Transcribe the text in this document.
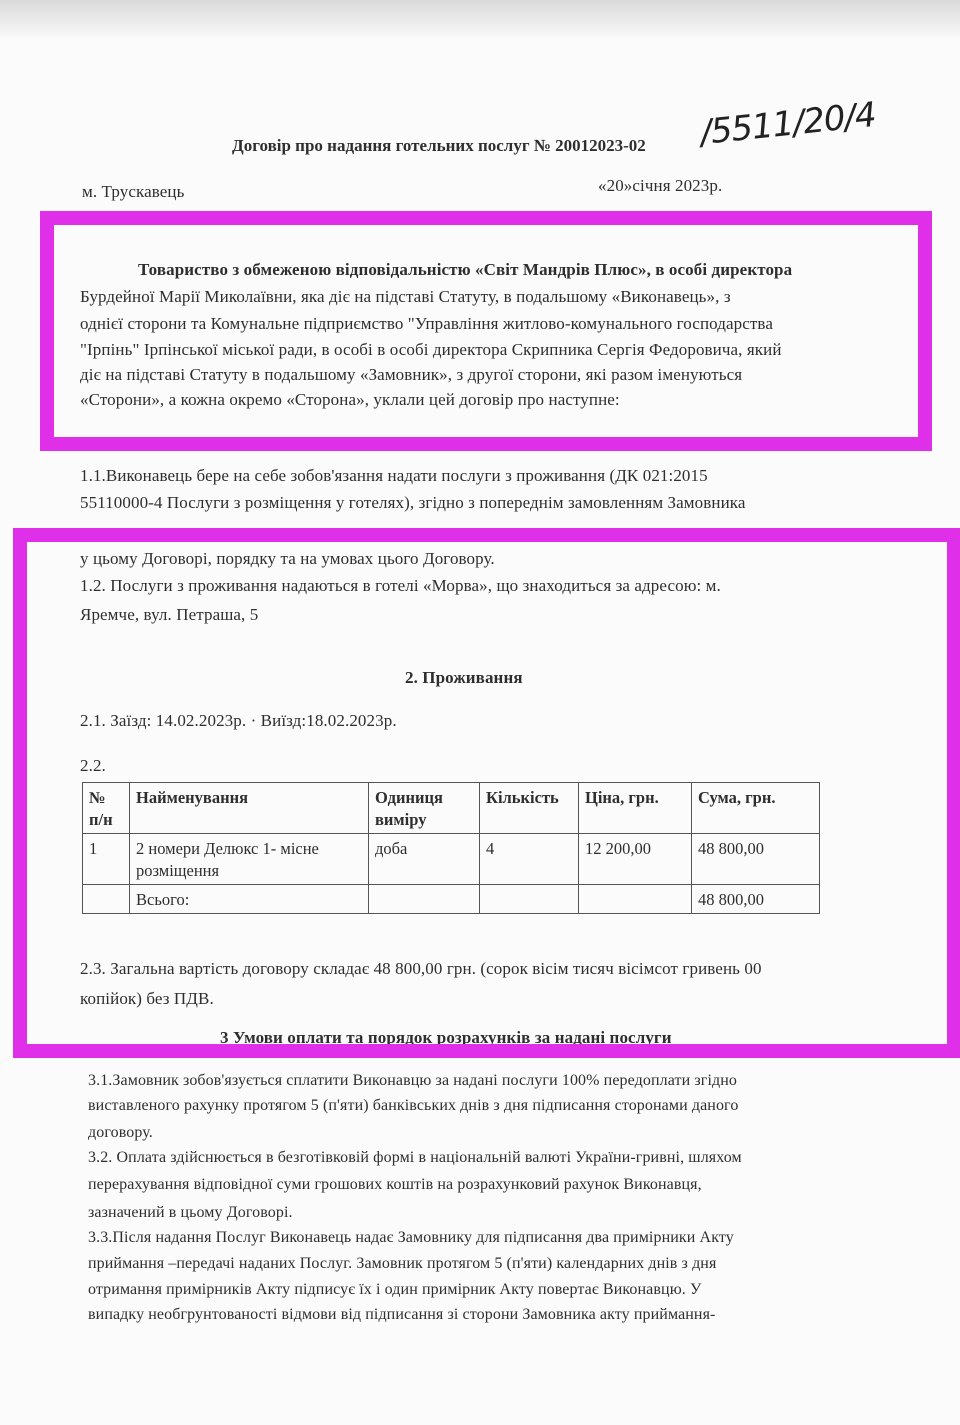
Договір про надання готельних послуг № 20012023-02 /5511/20/4
м. Трускавець	«20»січня 2023р.
Товариство з обмеженою відповідальністю «Світ Мандрів Плюс», в особі директора
Бурдейної Марії Миколаївни, яка діє на підставі Статуту, в подальшому «Виконавець», з
однієї сторони та Комунальне підприємство "Управління житлово-комунального господарства
"Ірпінь" Ірпінської міської ради, в особі в особі директора Скрипника Сергія Федоровича, який
діє на підставі Статуту в подальшому «Замовник», з другої сторони, які разом іменуються
«Сторони», а кожна окремо «Сторона», уклали цей договір про наступне:
1.1.Виконавець бере на себе зобов'язання надати послуги з проживання (ДК 021:2015
55110000-4 Послуги з розміщення у готелях), згідно з попереднім замовленням Замовника
у цьому Договорі, порядку та на умовах цього Договору.
1.2. Послуги з проживання надаються в готелі «Морва», що знаходиться за адресою: м.
Яремче, вул. Петраша, 5
2. Проживання
2.1. Заїзд: 14.02.2023р. · Виїзд:18.02.2023р.
2.2.
№ п/н	Найменування	Одиниця виміру	Кількість	Ціна, грн.	Сума, грн.
1	2 номери Делюкс 1- місне розміщення	доба	4	12 200,00	48 800,00
	Всього:				48 800,00
2.3. Загальна вартість договору складає 48 800,00 грн. (сорок вісім тисяч вісімсот гривень 00
копійок) без ПДВ.
3 Умови оплати та порядок розрахунків за надані послуги
3.1.Замовник зобов'язується сплатити Виконавцю за надані послуги 100% передоплати згідно
виставленого рахунку протягом 5 (п'яти) банківських днів з дня підписання сторонами даного
договору.
3.2. Оплата здійснюється в безготівковій формі в національній валюті України-гривні, шляхом
перерахування відповідної суми грошових коштів на розрахунковий рахунок Виконавця,
зазначений в цьому Договорі.
3.3.Після надання Послуг Виконавець надає Замовнику для підписання два примірники Акту
приймання –передачі наданих Послуг. Замовник протягом 5 (п'яти) календарних днів з дня
отримання примірників Акту підписує їх і один примірник Акту повертає Виконавцю. У
випадку необгрунтованості відмови від підписання зі сторони Замовника акту приймання-
